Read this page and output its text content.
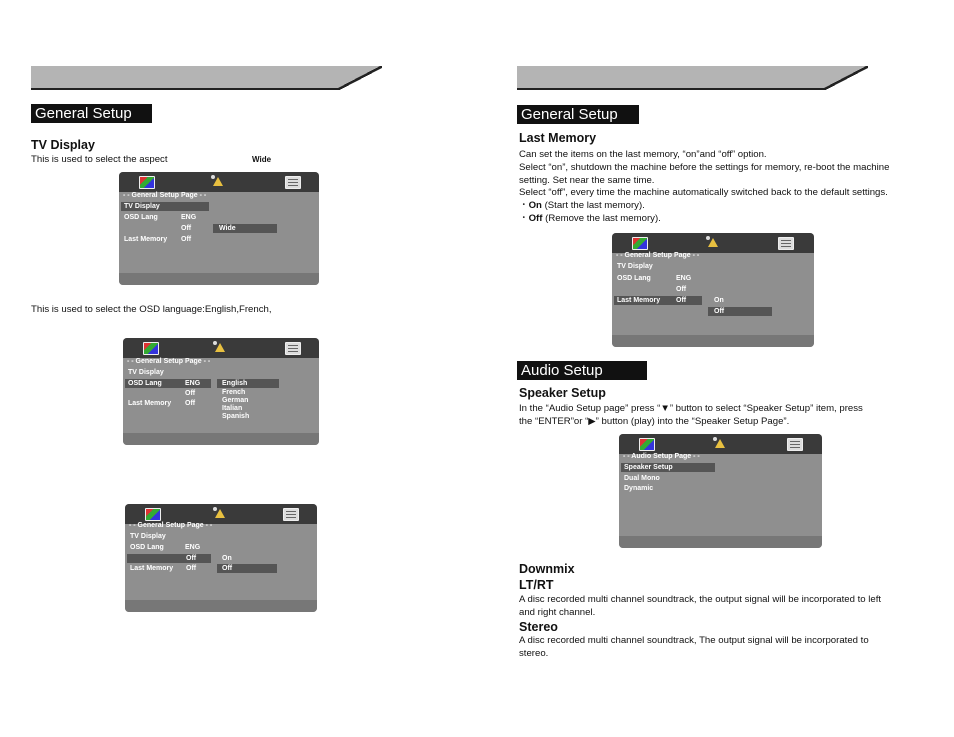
General Setup
TV Display
This is used to select the aspect	Wide
- - General Setup Page - -
TV Display
OSD Lang	ENG
Off	Wide
Last Memory Off
This is used to select the OSD language:English,French,
- - General Setup Page - -
TV Display
OSD Lang	ENG	English
Off	French
Last Memory Off	German
Italian
Spanish
- - General Setup Page - -
TV Display
OSD Lang	ENG
Off	On
Last Memory Off	Off
General Setup
Last Memory
Can set the items on the last memory, “on”and “off” option.
Select “on”, shutdown the machine before the settings for memory, re-boot the machine
setting. Set near the same time.
Select “off”, every time the machine automatically switched back to the default settings.
・On (Start the last memory).
・Off (Remove the last memory).
- - General Setup Page - -
TV Display
OSD Lang	ENG
Off
Last Memory Off	On
Off
Audio Setup
Speaker Setup
In the “Audio Setup page” press “▼” button to select “Speaker Setup” item, press
the “ENTER”or “▶” button (play) into the “Speaker Setup Page”.
- - Audio Setup Page - -
Speaker Setup
Dual Mono
Dynamic
Downmix
LT/RT
A disc recorded multi channel soundtrack, the output signal will be incorporated to left
and right channel.
Stereo
A disc recorded multi channel soundtrack, The output signal will be incorporated to
stereo.
